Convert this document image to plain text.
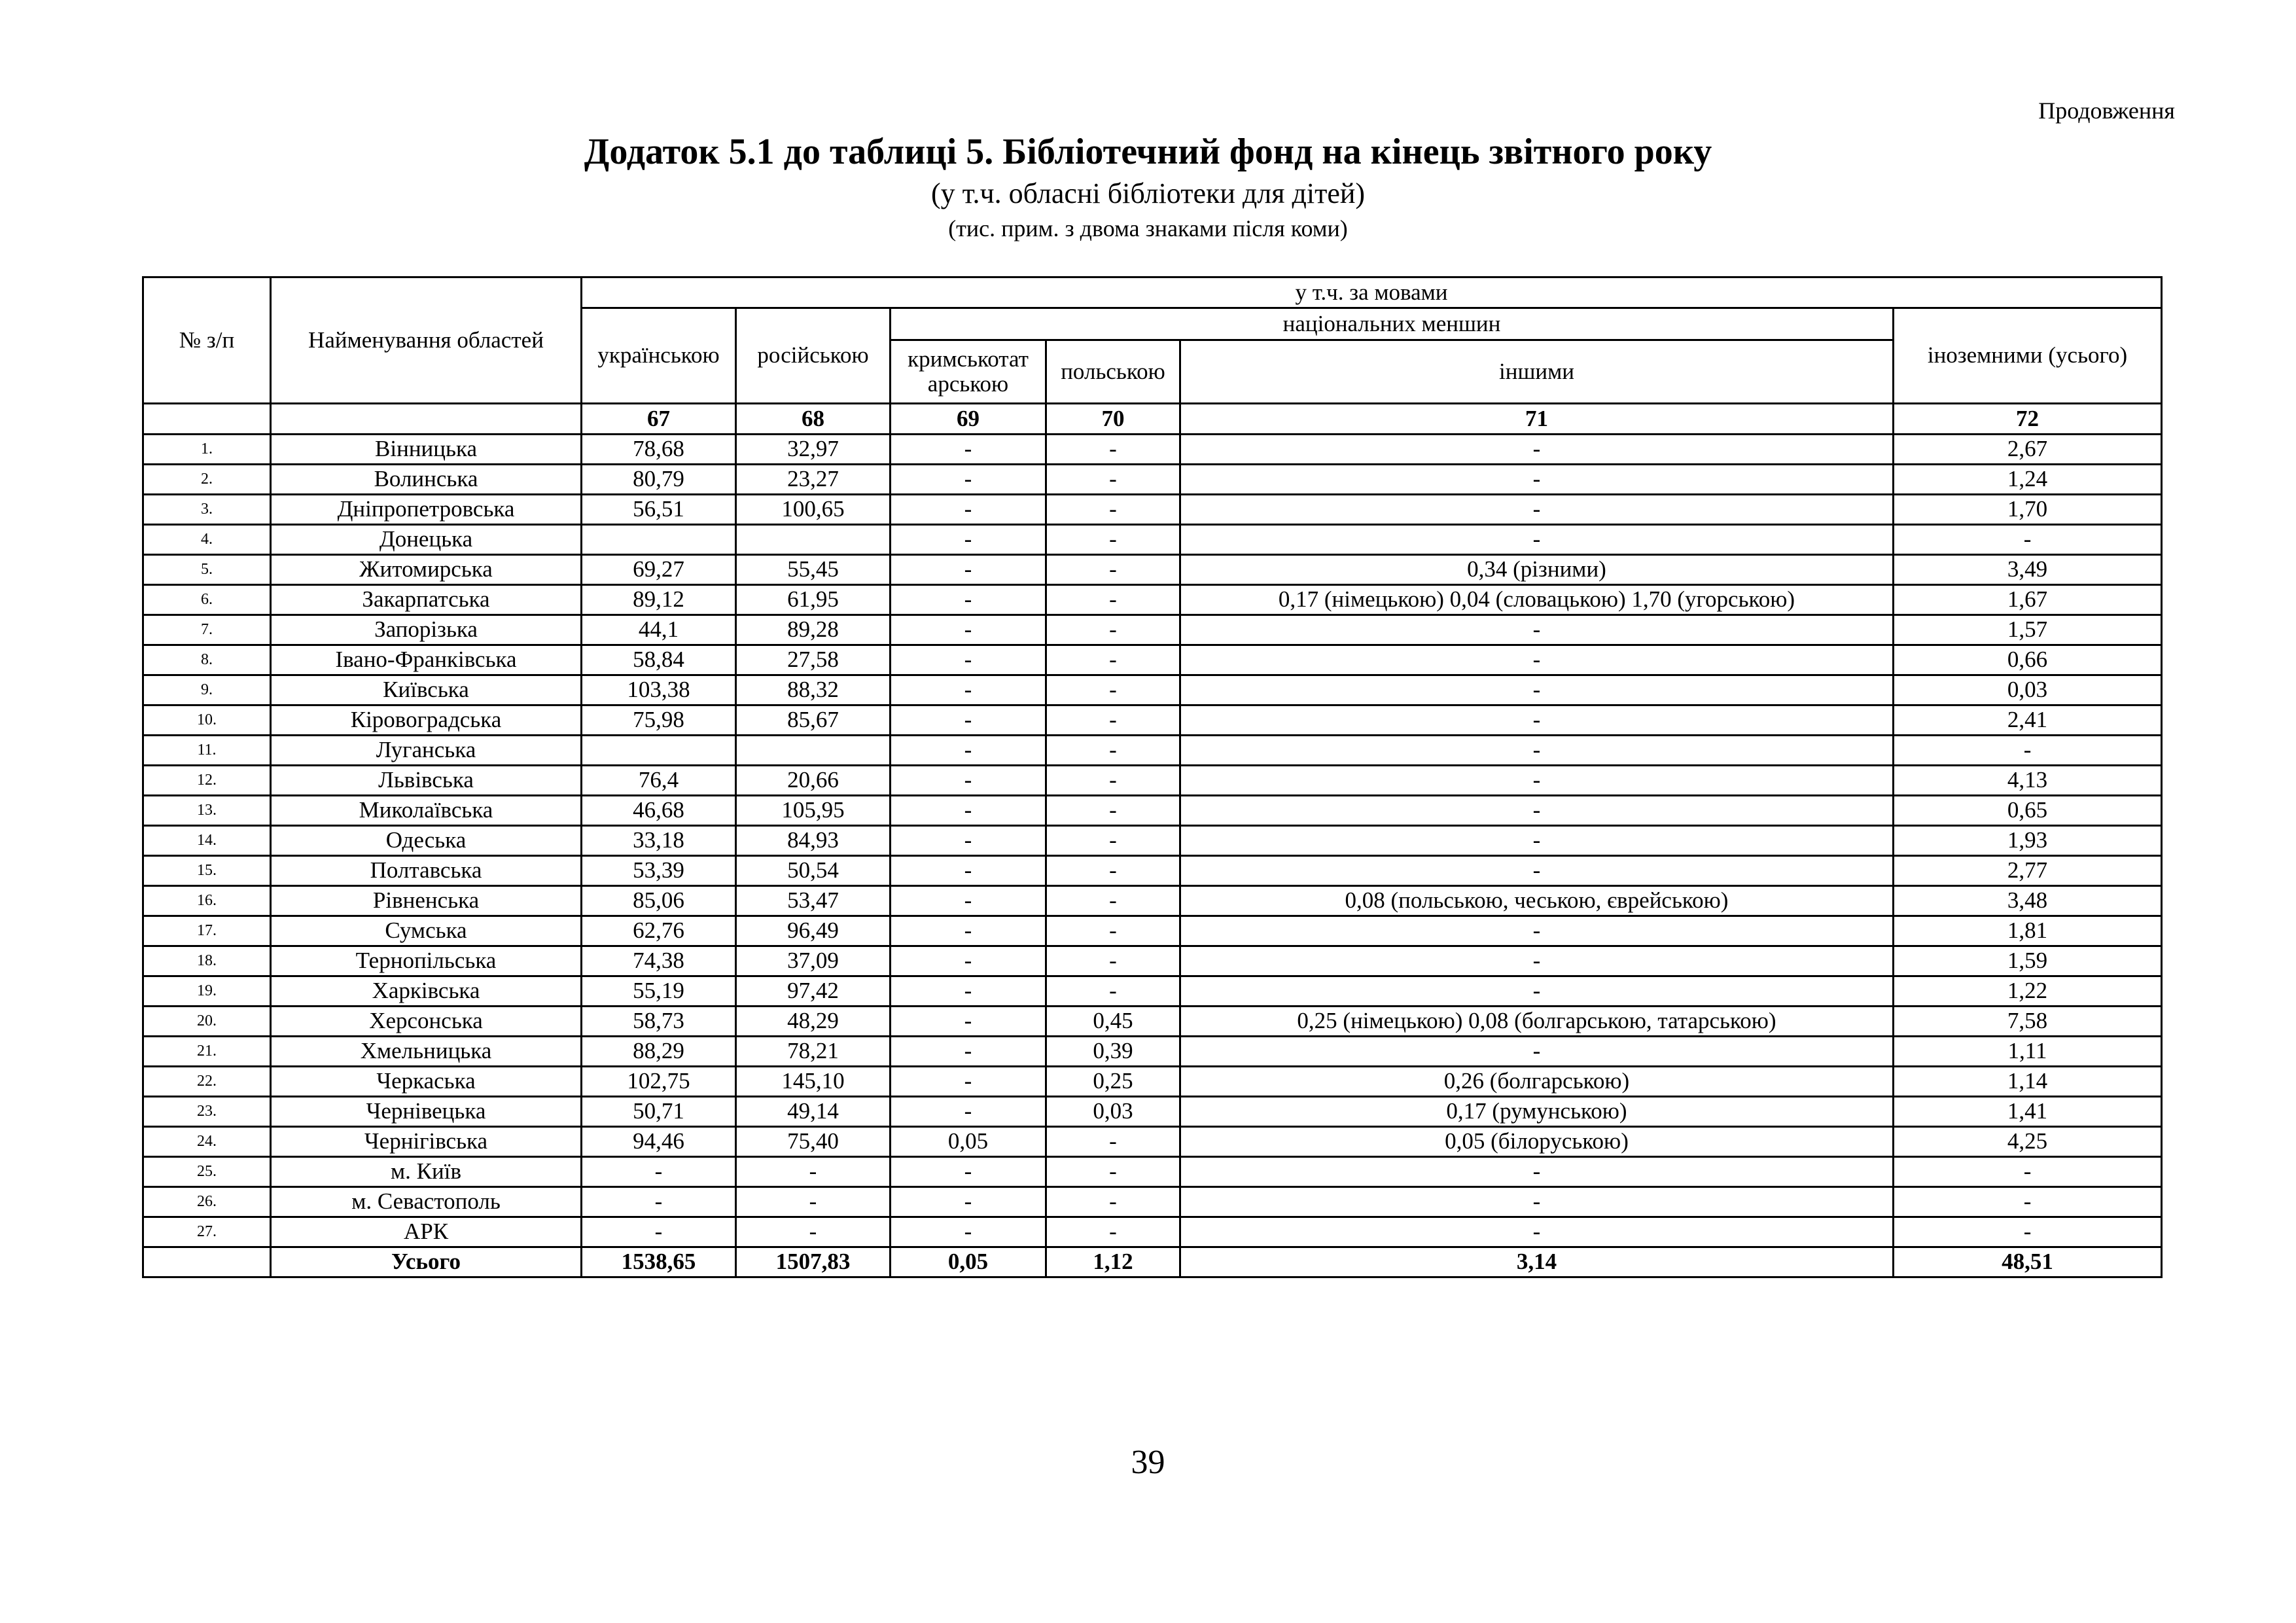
Продовження
Додаток 5.1 до таблиці 5. Бібліотечний фонд на кінець звітного року
(у т.ч. обласні бібліотеки для дітей)
(тис. прим. з двома знаками після коми)
№ з/п	Найменування областей	у т.ч. за мовами					
		українською	російською	національних меншин			іноземними (усього)
				кримськотат арською	польською	іншими	
		67	68	69	70	71	72
1.	Вінницька	78,68	32,97	-	-	-	2,67
2.	Волинська	80,79	23,27	-	-	-	1,24
3.	Дніпропетровська	56,51	100,65	-	-	-	1,70
4.	Донецька			-	-	-	-
5.	Житомирська	69,27	55,45	-	-	0,34 (різними)	3,49
6.	Закарпатська	89,12	61,95	-	-	0,17 (німецькою) 0,04 (словацькою) 1,70 (угорською)	1,67
7.	Запорізька	44,1	89,28	-	-	-	1,57
8.	Івано-Франківська	58,84	27,58	-	-	-	0,66
9.	Київська	103,38	88,32	-	-	-	0,03
10.	Кіровоградська	75,98	85,67	-	-	-	2,41
11.	Луганська			-	-	-	-
12.	Львівська	76,4	20,66	-	-	-	4,13
13.	Миколаївська	46,68	105,95	-	-	-	0,65
14.	Одеська	33,18	84,93	-	-	-	1,93
15.	Полтавська	53,39	50,54	-	-	-	2,77
16.	Рівненська	85,06	53,47	-	-	0,08 (польською, чеською, єврейською)	3,48
17.	Сумська	62,76	96,49	-	-	-	1,81
18.	Тернопільська	74,38	37,09	-	-	-	1,59
19.	Харківська	55,19	97,42	-	-	-	1,22
20.	Херсонська	58,73	48,29	-	0,45	0,25 (німецькою) 0,08 (болгарською, татарською)	7,58
21.	Хмельницька	88,29	78,21	-	0,39	-	1,11
22.	Черкаська	102,75	145,10	-	0,25	0,26 (болгарською)	1,14
23.	Чернівецька	50,71	49,14	-	0,03	0,17 (румунською)	1,41
24.	Чернігівська	94,46	75,40	0,05	-	0,05 (білоруською)	4,25
25.	м. Київ	-	-	-	-	-	-
26.	м. Севастополь	-	-	-	-	-	-
27.	АРК	-	-	-	-	-	-
	Усього	1538,65	1507,83	0,05	1,12	3,14	48,51
39
